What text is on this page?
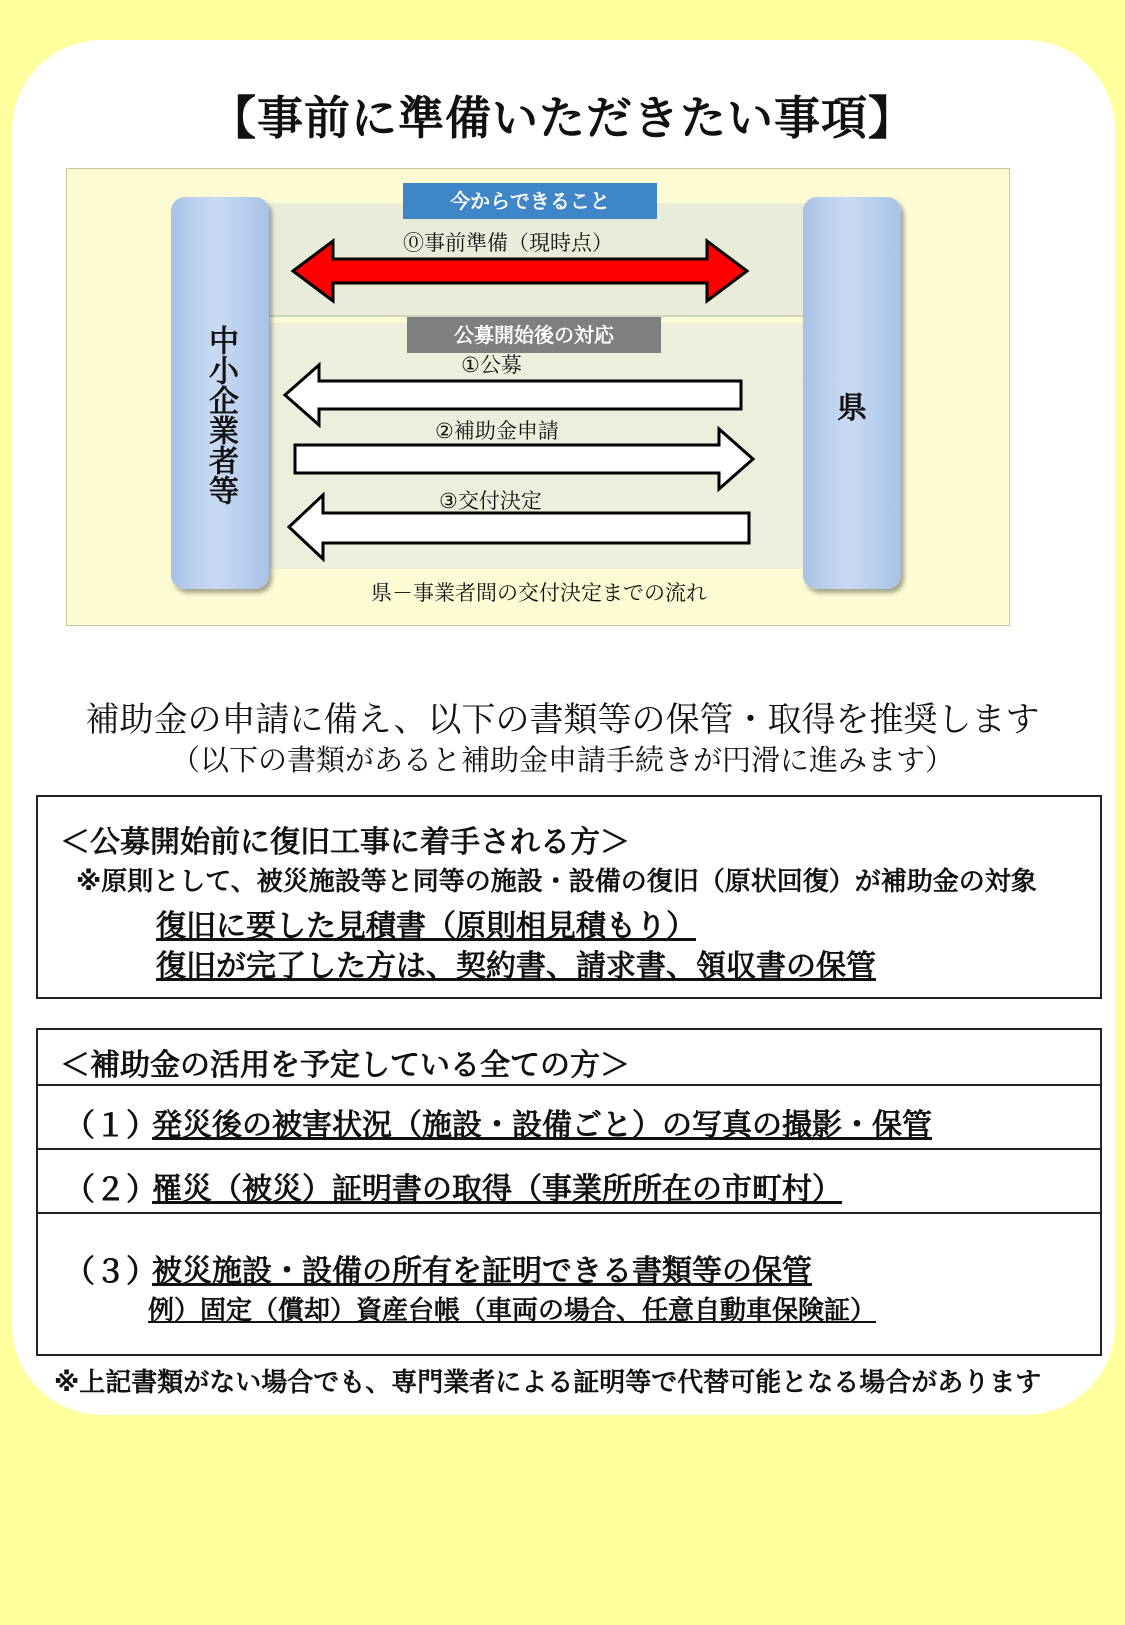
【事前に準備いただきたい事項】
中小企業者等	県
今からできること
公募開始後の対応
⓪事前準備（現時点）
①公募
②補助金申請
③交付決定
県－事業者間の交付決定までの流れ
補助金の申請に備え、以下の書類等の保管・取得を推奨します
（以下の書類があると補助金申請手続きが円滑に進みます）
＜公募開始前に復旧工事に着手される方＞
※原則として、被災施設等と同等の施設・設備の復旧（原状回復）が補助金の対象
復旧に要した見積書（原則相見積もり）
復旧が完了した方は、契約書、請求書、領収書の保管
＜補助金の活用を予定している全ての方＞
（１）
発災後の被害状況（施設・設備ごと）の写真の撮影・保管
（２）
罹災（被災）証明書の取得（事業所所在の市町村）
（３）
被災施設・設備の所有を証明できる書類等の保管
例）固定（償却）資産台帳（車両の場合、任意自動車保険証）
※上記書類がない場合でも、専門業者による証明等で代替可能となる場合があります
